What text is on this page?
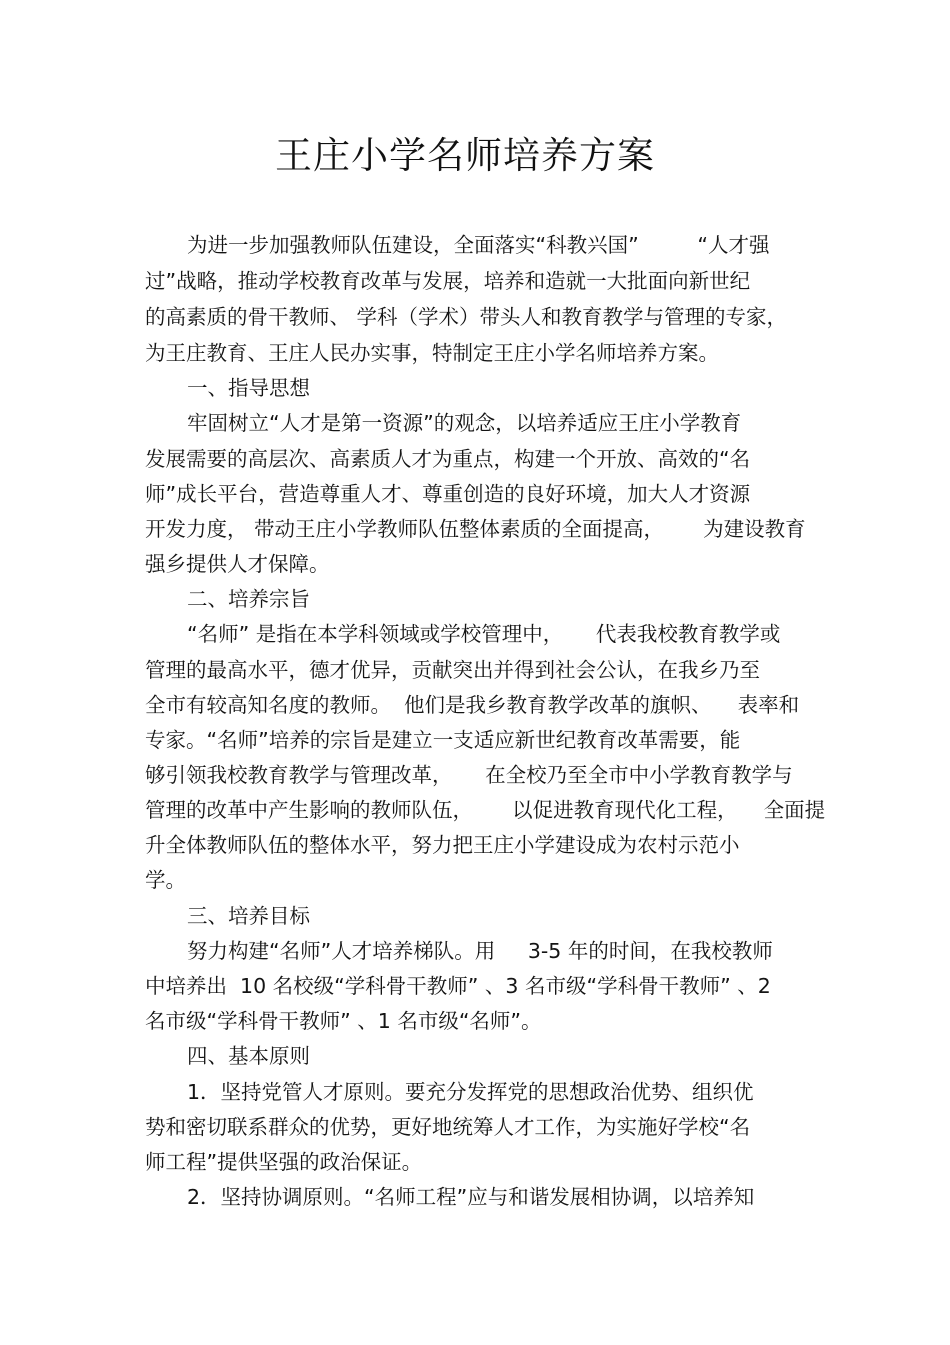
王庄小学名师培养方案
为进一步加强教师队伍建设，全面落实“科教兴国”         “人才强
过”战略，推动学校教育改革与发展，培养和造就一大批面向新世纪
的高素质的骨干教师、 学科（学术）带头人和教育教学与管理的专家，
为王庄教育、王庄人民办实事，特制定王庄小学名师培养方案。
一、指导思想
牢固树立“人才是第一资源”的观念，以培养适应王庄小学教育
发展需要的高层次、高素质人才为重点，构建一个开放、高效的“名
师”成长平台，营造尊重人才、尊重创造的良好环境，加大人才资源
开发力度， 带动王庄小学教师队伍整体素质的全面提高，      为建设教育
强乡提供人才保障。
二、培养宗旨
“名师” 是指在本学科领域或学校管理中，     代表我校教育教学或
管理的最高水平，德才优异，贡献突出并得到社会公认，在我乡乃至
全市有较高知名度的教师。  他们是我乡教育教学改革的旗帜、    表率和
专家。“名师”培养的宗旨是建立一支适应新世纪教育改革需要，能
够引领我校教育教学与管理改革，     在全校乃至全市中小学教育教学与
管理的改革中产生影响的教师队伍，      以促进教育现代化工程，    全面提
升全体教师队伍的整体水平，努力把王庄小学建设成为农村示范小
学。
三、培养目标
努力构建“名师”人才培养梯队。用     3-5 年的时间，在我校教师
中培养出  10 名校级“学科骨干教师” 、3 名市级“学科骨干教师” 、2
名市级“学科骨干教师” 、1 名市级“名师”。
四、基本原则
1．坚持党管人才原则。要充分发挥党的思想政治优势、组织优
势和密切联系群众的优势，更好地统筹人才工作，为实施好学校“名
师工程”提供坚强的政治保证。
2．坚持协调原则。“名师工程”应与和谐发展相协调，以培养知
